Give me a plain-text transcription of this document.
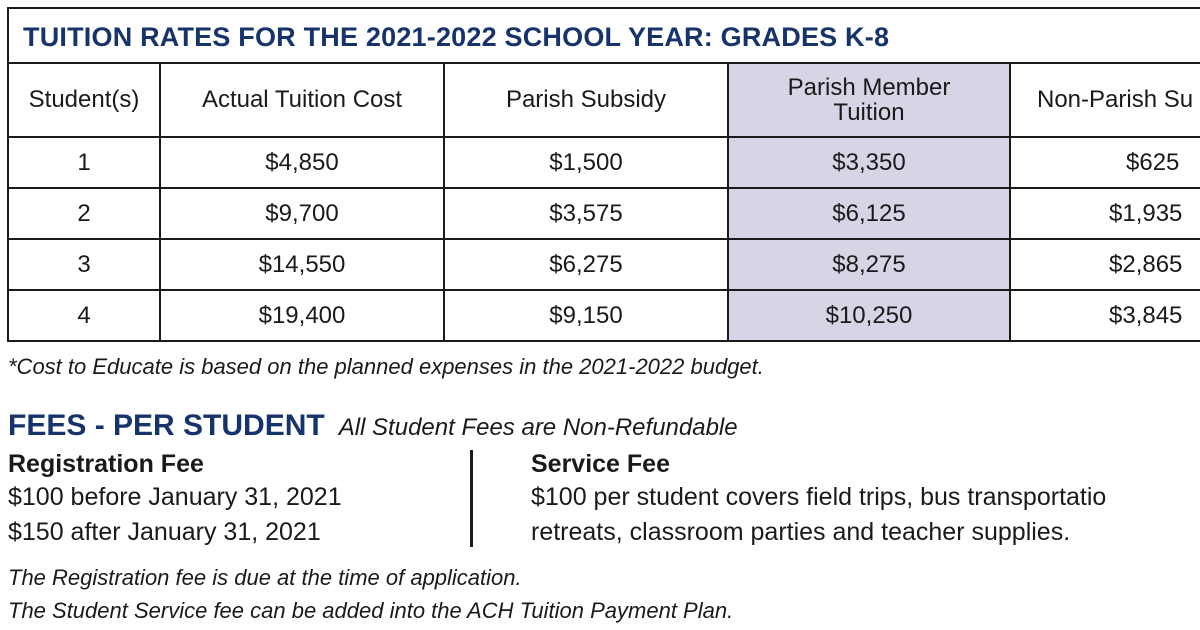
TUITION RATES FOR THE 2021-2022 SCHOOL YEAR: GRADES K-8
Student(s)	Actual Tuition Cost	Parish Subsidy	Parish Member Tuition	Non-Parish Su
1	$4,850	$1,500	$3,350	$625
2	$9,700	$3,575	$6,125	$1,935
3	$14,550	$6,275	$8,275	$2,865
4	$19,400	$9,150	$10,250	$3,845
*Cost to Educate is based on the planned expenses in the 2021-2022 budget.
FEES - PER STUDENT All Student Fees are Non-Refundable
Registration Fee
$100 before January 31, 2021
$150 after January 31, 2021
Service Fee
$100 per student covers field trips, bus transportatio
retreats, classroom parties and teacher supplies.
The Registration fee is due at the time of application.
The Student Service fee can be added into the ACH Tuition Payment Plan.
